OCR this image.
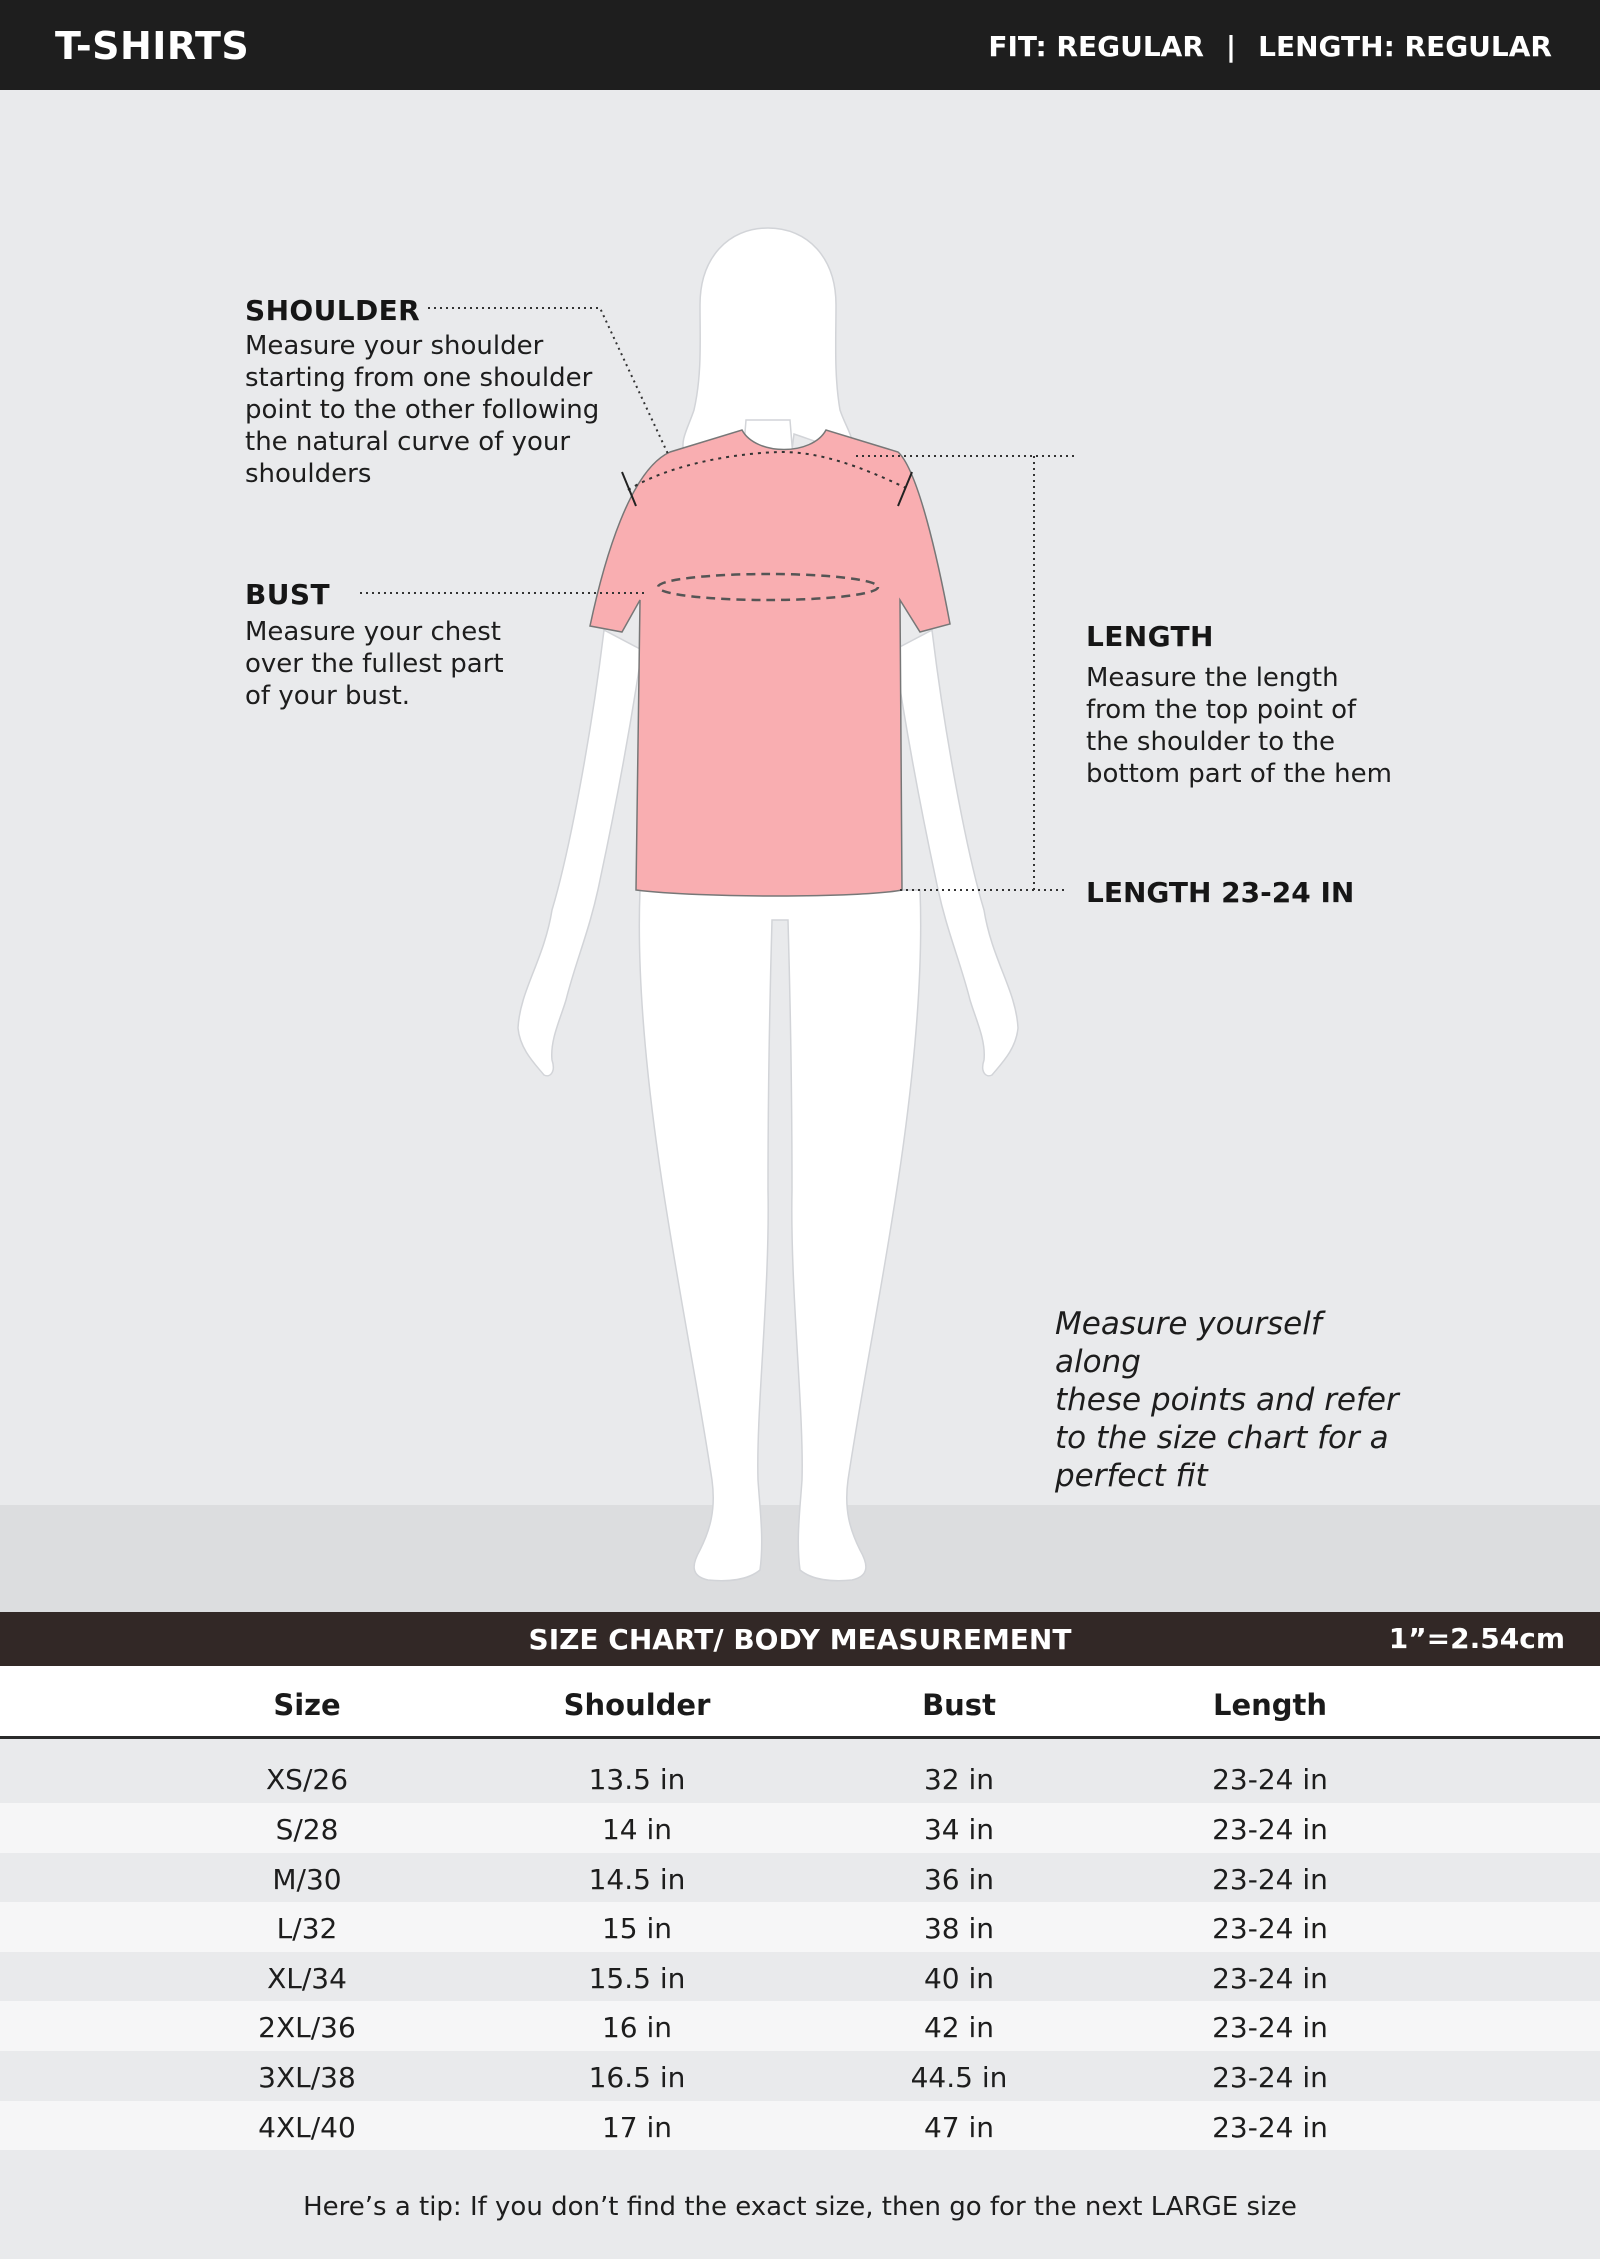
T-SHIRTS	FIT: REGULAR | LENGTH: REGULAR
SHOULDER
Measure your shoulder
starting from one shoulder
point to the other following
the natural curve of your
shoulders
BUST
Measure your chest
over the fullest part
of your bust.
LENGTH
Measure the length
from the top point of
the shoulder to the
bottom part of the hem
LENGTH 23-24 IN
Measure yourself along
these points and refer
to the size chart for a
perfect fit
SIZE CHART/ BODY MEASUREMENT	1”=2.54cm
Size	Shoulder	Bust	Length
XS/26	13.5 in	32 in	23-24 in
S/28	14 in	34 in	23-24 in
M/30	14.5 in	36 in	23-24 in
L/32	15 in	38 in	23-24 in
XL/34	15.5 in	40 in	23-24 in
2XL/36	16 in	42 in	23-24 in
3XL/38	16.5 in	44.5 in	23-24 in
4XL/40	17 in	47 in	23-24 in
Here’s a tip: If you don’t find the exact size, then go for the next LARGE size
